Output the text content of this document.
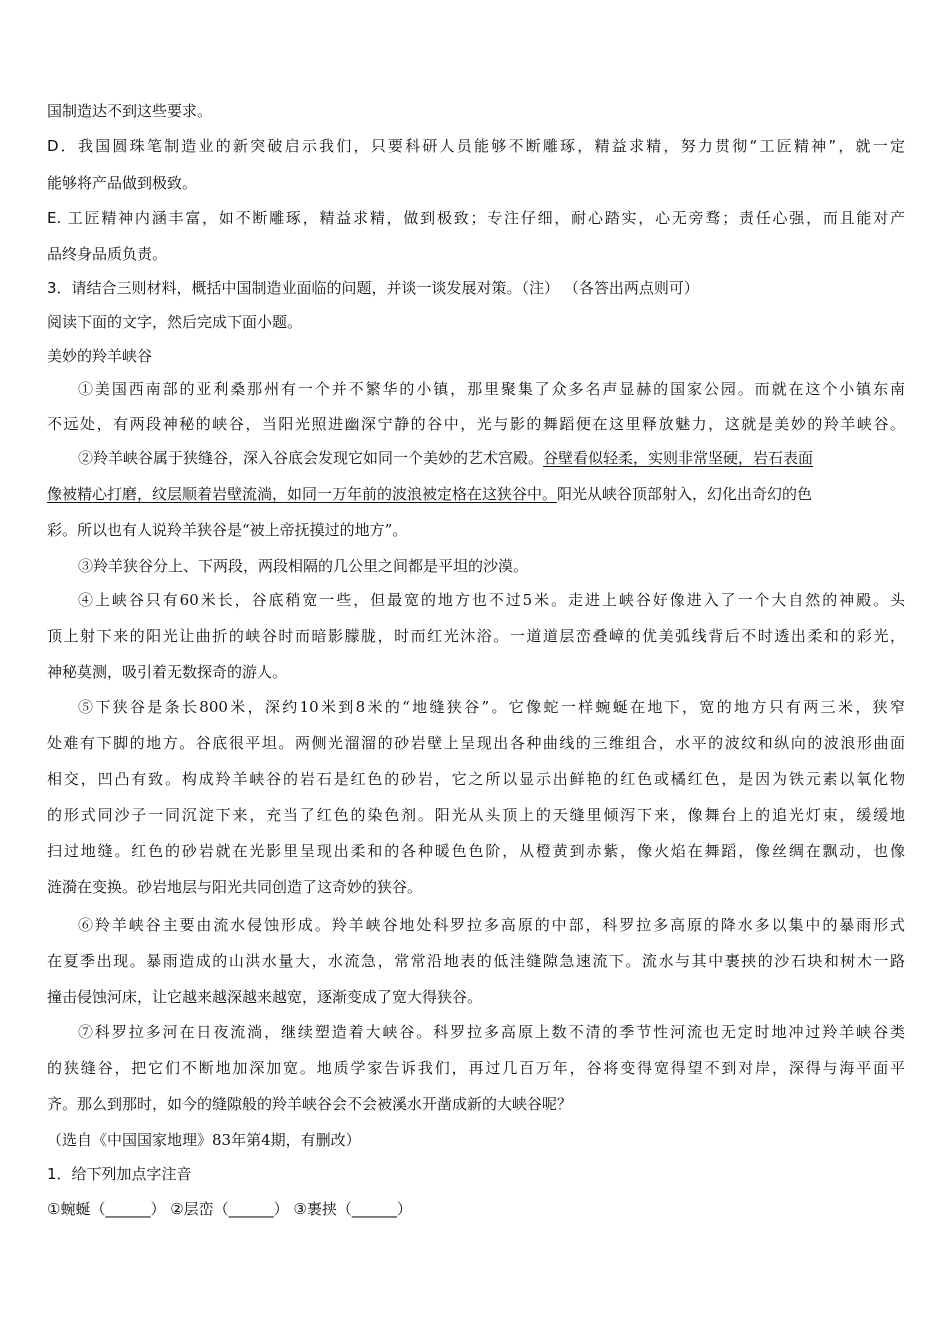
国制造达不到这些要求。
D．我国圆珠笔制造业的新突破启示我们，只要科研人员能够不断雕琢，精益求精，努力贯彻“工匠精神”，就一定
能够将产品做到极致。
E. 工匠精神内涵丰富，如不断雕琢，精益求精，做到极致；专注仔细，耐心踏实，心无旁骛；责任心强，而且能对产
品终身品质负责。
3．请结合三则材料，概括中国制造业面临的问题，并谈一谈发展对策。（注） （各答出两点则可）
阅读下面的文字，然后完成下面小题。
美妙的羚羊峡谷
①美国西南部的亚利桑那州有一个并不繁华的小镇，那里聚集了众多名声显赫的国家公园。而就在这个小镇东南
不远处，有两段神秘的峡谷，当阳光照进幽深宁静的谷中，光与影的舞蹈便在这里释放魅力，这就是美妙的羚羊峡谷。
②羚羊峡谷属于狭缝谷，深入谷底会发现它如同一个美妙的艺术宫殿。谷壁看似轻柔，实则非常坚硬，岩石表面
像被精心打磨，纹层顺着岩壁流淌，如同一万年前的波浪被定格在这狭谷中。阳光从峡谷顶部射入，幻化出奇幻的色
彩。所以也有人说羚羊狭谷是“被上帝抚摸过的地方”。
③羚羊狭谷分上、下两段，两段相隔的几公里之间都是平坦的沙漠。
④上峡谷只有60米长，谷底稍宽一些，但最宽的地方也不过5米。走进上峡谷好像进入了一个大自然的神殿。头
顶上射下来的阳光让曲折的峡谷时而暗影朦胧，时而红光沐浴。一道道层峦叠嶂的优美弧线背后不时透出柔和的彩光，
神秘莫测，吸引着无数探奇的游人。
⑤下狭谷是条长800米，深约10米到8米的“地缝狭谷”。它像蛇一样蜿蜒在地下，宽的地方只有两三米，狭窄
处难有下脚的地方。谷底很平坦。两侧光溜溜的砂岩壁上呈现出各种曲线的三维组合，水平的波纹和纵向的波浪形曲面
相交，凹凸有致。构成羚羊峡谷的岩石是红色的砂岩，它之所以显示出鲜艳的红色或橘红色，是因为铁元素以氧化物
的形式同沙子一同沉淀下来，充当了红色的染色剂。阳光从头顶上的天缝里倾泻下来，像舞台上的追光灯束，缓缓地
扫过地缝。红色的砂岩就在光影里呈现出柔和的各种暖色色阶，从橙黄到赤紫，像火焰在舞蹈，像丝绸在飘动，也像
涟漪在变换。砂岩地层与阳光共同创造了这奇妙的狭谷。
⑥羚羊峡谷主要由流水侵蚀形成。羚羊峡谷地处科罗拉多高原的中部，科罗拉多高原的降水多以集中的暴雨形式
在夏季出现。暴雨造成的山洪水量大，水流急，常常沿地表的低洼缝隙急速流下。流水与其中裹挟的沙石块和树木一路
撞击侵蚀河床，让它越来越深越来越宽，逐渐变成了宽大得狭谷。
⑦科罗拉多河在日夜流淌，继续塑造着大峡谷。科罗拉多高原上数不清的季节性河流也无定时地冲过羚羊峡谷类
的狭缝谷，把它们不断地加深加宽。地质学家告诉我们，再过几百万年，谷将变得宽得望不到对岸，深得与海平面平
齐。那么到那时，如今的缝隙般的羚羊峡谷会不会被溪水开凿成新的大峡谷呢？
（选自《中国国家地理》83年第4期，有删改）
1．给下列加点字注音
①蜿蜒（______） ②层峦（______） ③裹挟（______）
